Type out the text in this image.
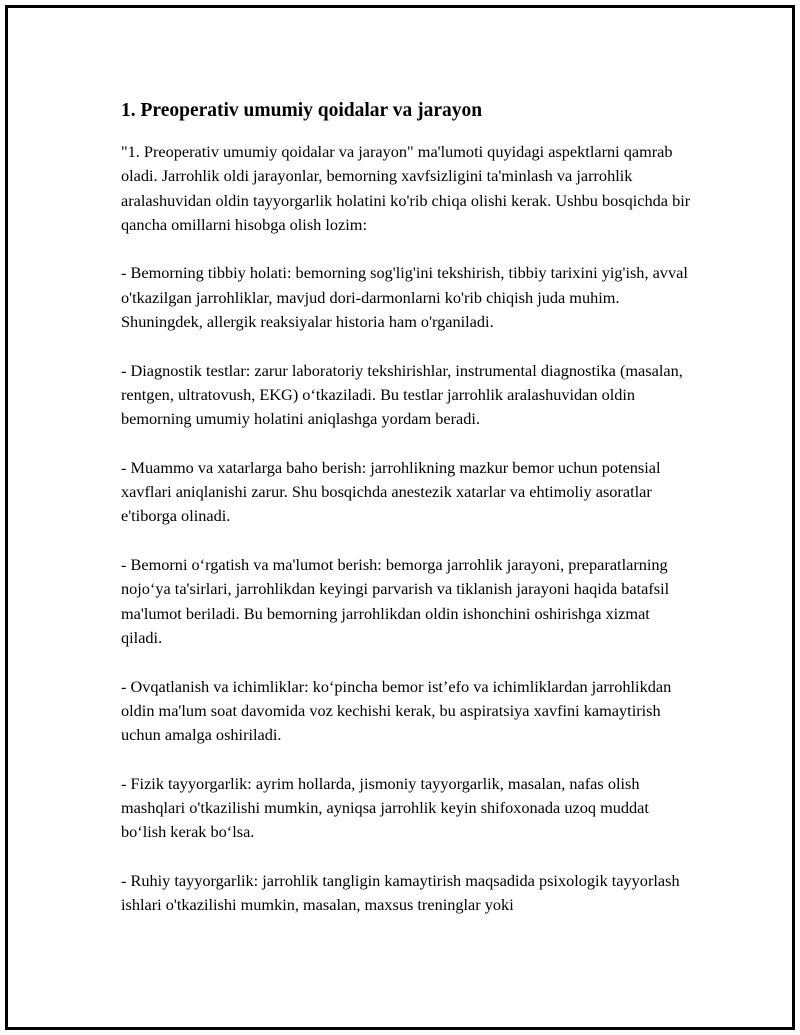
1. Preoperativ umumiy qoidalar va jarayon

"1. Preoperativ umumiy qoidalar va jarayon" ma'lumoti quyidagi aspektlarni qamrab oladi. Jarrohlik oldi jarayonlar, bemorning xavfsizligini ta'minlash va jarrohlik aralashuvidan oldin tayyorgarlik holatini ko'rib chiqa olishi kerak. Ushbu bosqichda bir qancha omillarni hisobga olish lozim:

- Bemorning tibbiy holati: bemorning sog'lig'ini tekshirish, tibbiy tarixini yig'ish, avval o'tkazilgan jarrohliklar, mavjud dori-darmonlarni ko'rib chiqish juda muhim. Shuningdek, allergik reaksiyalar historia ham o'rganiladi.

- Diagnostik testlar: zarur laboratoriy tekshirishlar, instrumental diagnostika (masalan, rentgen, ultratovush, EKG) o‘tkaziladi. Bu testlar jarrohlik aralashuvidan oldin bemorning umumiy holatini aniqlashga yordam beradi.

- Muammo va xatarlarga baho berish: jarrohlikning mazkur bemor uchun potensial xavflari aniqlanishi zarur. Shu bosqichda anestezik xatarlar va ehtimoliy asoratlar e'tiborga olinadi.

- Bemorni o‘rgatish va ma'lumot berish: bemorga jarrohlik jarayoni, preparatlarning nojo‘ya ta'sirlari, jarrohlikdan keyingi parvarish va tiklanish jarayoni haqida batafsil ma'lumot beriladi. Bu bemorning jarrohlikdan oldin ishonchini oshirishga xizmat qiladi.

- Ovqatlanish va ichimliklar: ko‘pincha bemor ist’efo va ichimliklardan jarrohlikdan oldin ma'lum soat davomida voz kechishi kerak, bu aspiratsiya xavfini kamaytirish uchun amalga oshiriladi.

- Fizik tayyorgarlik: ayrim hollarda, jismoniy tayyorgarlik, masalan, nafas olish mashqlari o'tkazilishi mumkin, ayniqsa jarrohlik keyin shifoxonada uzoq muddat bo‘lish kerak bo‘lsa.

- Ruhiy tayyorgarlik: jarrohlik tangligin kamaytirish maqsadida psixologik tayyorlash ishlari o'tkazilishi mumkin, masalan, maxsus treninglar yoki
